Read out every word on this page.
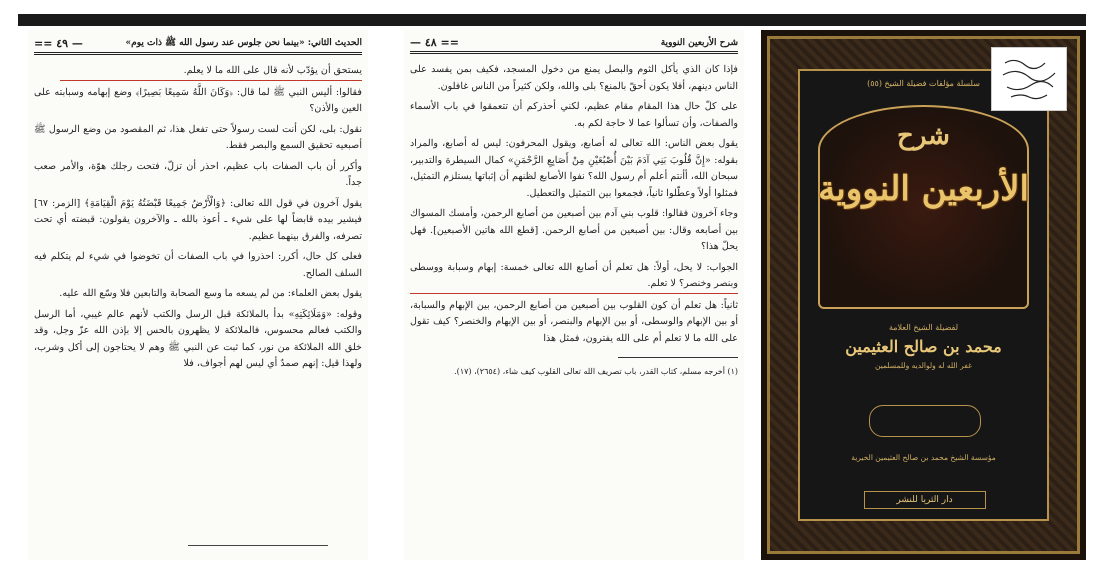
الحديث الثاني: «بينما نحن جلوس عند رسول الله ﷺ ذات يوم»
— ٤٩ ==

يستحق أن يؤدّب لأنه قال على الله ما لا يعلم.

فقالوا: أليس النبي ﷺ لما قال: ﴿وَكَانَ اللَّهُ سَمِيعًا بَصِيرًا﴾ وضع إبهامه وسبابته على العين والأذن؟

نقول: بلى، لكن أنت لست رسولاً حتى تفعل هذا، ثم المقصود من وضع الرسول ﷺ أصبعيه تحقيق السمع والبصر فقط.

وأكرر أن باب الصفات باب عظيم، احذر أن تزلّ، فتحت رجلك هوّة، والأمر صعب جداً.

يقول آخرون في قول الله تعالى: ﴿وَالْأَرْضُ جَمِيعًا قَبْضَتُهُ يَوْمَ الْقِيَامَةِ﴾ [الزمر: ٦٧] فيشير بيده قابضاً لها على شيء ـ أعوذ بالله ـ والآخرون يقولون: قبضته أي تحت تصرفه، والفرق بينهما عظيم.

فعلى كل حال، أكرر: احذروا في باب الصفات أن تخوضوا في شيء لم يتكلم فيه السلف الصالح.

يقول بعض العلماء: من لم يسعه ما وسع الصحابة والتابعين فلا وسّع الله عليه.

وقوله: «وَمَلَائِكَتِهِ» بدأ بالملائكة قبل الرسل والكتب لأنهم عالم غيبي، أما الرسل والكتب فعالم محسوس، فالملائكة لا يظهرون بالحس إلا بإذن الله عزّ وجل، وقد خلق الله الملائكة من نور، كما ثبت عن النبي ﷺ وهم لا يحتاجون إلى أكل وشرب، ولهذا قيل: إنهم صمدٌ أي ليس لهم أجواف، فلا

شرح الأربعين النووية
== ٤٨ —

فإذا كان الذي يأكل الثوم والبصل يمنع من دخول المسجد، فكيف بمن يفسد على الناس دينهم، أفلا يكون أحقّ بالمنع؟ بلى والله، ولكن كثيراً من الناس غافلون.

على كلّ حال هذا المقام مقام عظيم، لكني أحذركم أن تتعمقوا في باب الأسماء والصفات، وأن تسألوا عما لا حاجة لكم به.

يقول بعض الناس: الله تعالى له أصابع، ويقول المحرفون: ليس له أصابع، والمراد بقوله: «إِنَّ قُلُوبَ بَنِي آدَمَ بَيْنَ أُصْبُعَيْنِ مِنْ أَصَابِعِ الرَّحْمَنِ» كمال السيطرة والتدبير، سبحان الله، أأنتم أعلم أم رسول الله؟ نفوا الأصابع لظنهم أن إثباتها يستلزم التمثيل، فمثلوا أولاً وعطّلوا ثانياً، فجمعوا بين التمثيل والتعطيل.

وجاء آخرون فقالوا: قلوب بني آدم بين أصبعين من أصابع الرحمن، وأمسك المسواك بين أصابعه وقال: بين أصبعين من أصابع الرحمن. [قطع الله هاتين الأصبعين]. فهل يحلّ هذا؟

الجواب: لا يحل، أولاً: هل تعلم أن أصابع الله تعالى خمسة: إبهام وسبابة ووسطى وبنصر وخنصر؟ لا تعلم.

ثانياً: هل تعلم أن كون القلوب بين أصبعين من أصابع الرحمن، بين الإبهام والسبابة، أو بين الإبهام والوسطى، أو بين الإبهام والبنصر، أو بين الإبهام والخنصر؟ كيف تقول على الله ما لا تعلم أم على الله يفترون، فمثل هذا

(١) أخرجه مسلم، كتاب القدر، باب تصريف الله تعالى القلوب كيف شاء، (٢٦٥٤)، (١٧).

سلسلة مؤلفات فضيلة الشيخ (٥٥)
شرح
الأربعين النووية
لفضيلة الشيخ العلامة
محمد بن صالح العثيمين
غفر الله له ولوالديه وللمسلمين
مؤسسة الشيخ محمد بن صالح العثيمين الخيرية
دار الثريا للنشر
